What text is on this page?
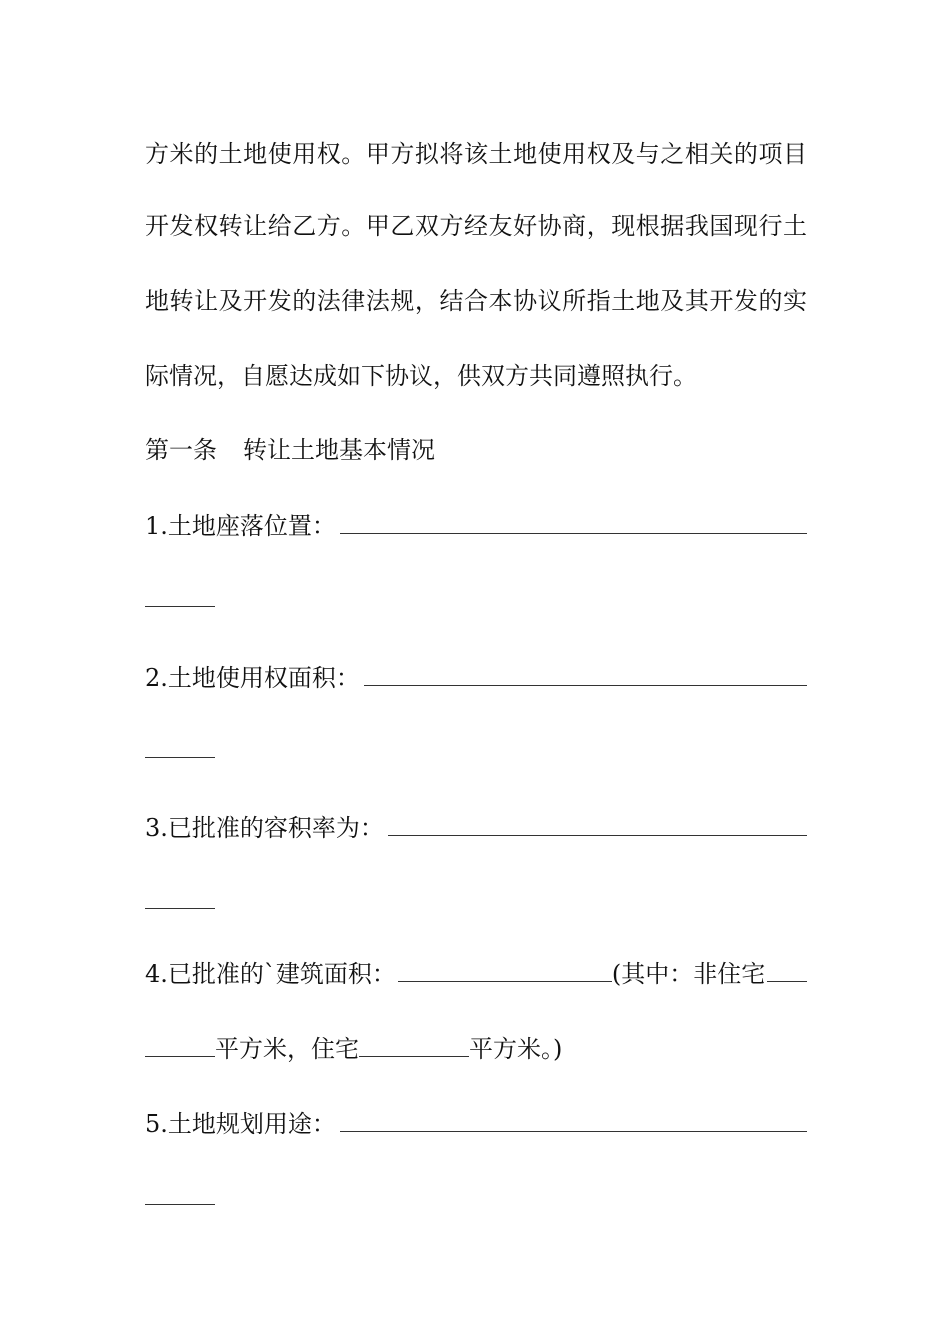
方米的土地使用权。甲方拟将该土地使用权及与之相关的项目
开发权转让给乙方。甲乙双方经友好协商，现根据我国现行土
地转让及开发的法律法规，结合本协议所指土地及其开发的实
际情况，自愿达成如下协议，供双方共同遵照执行。
第一条 转让土地基本情况
1.土地座落位置：
2.土地使用权面积：
3.已批准的容积率为：
4.已批准的`建筑面积：	(其中：非住宅
平方米，住宅	平方米。)
5.土地规划用途：
